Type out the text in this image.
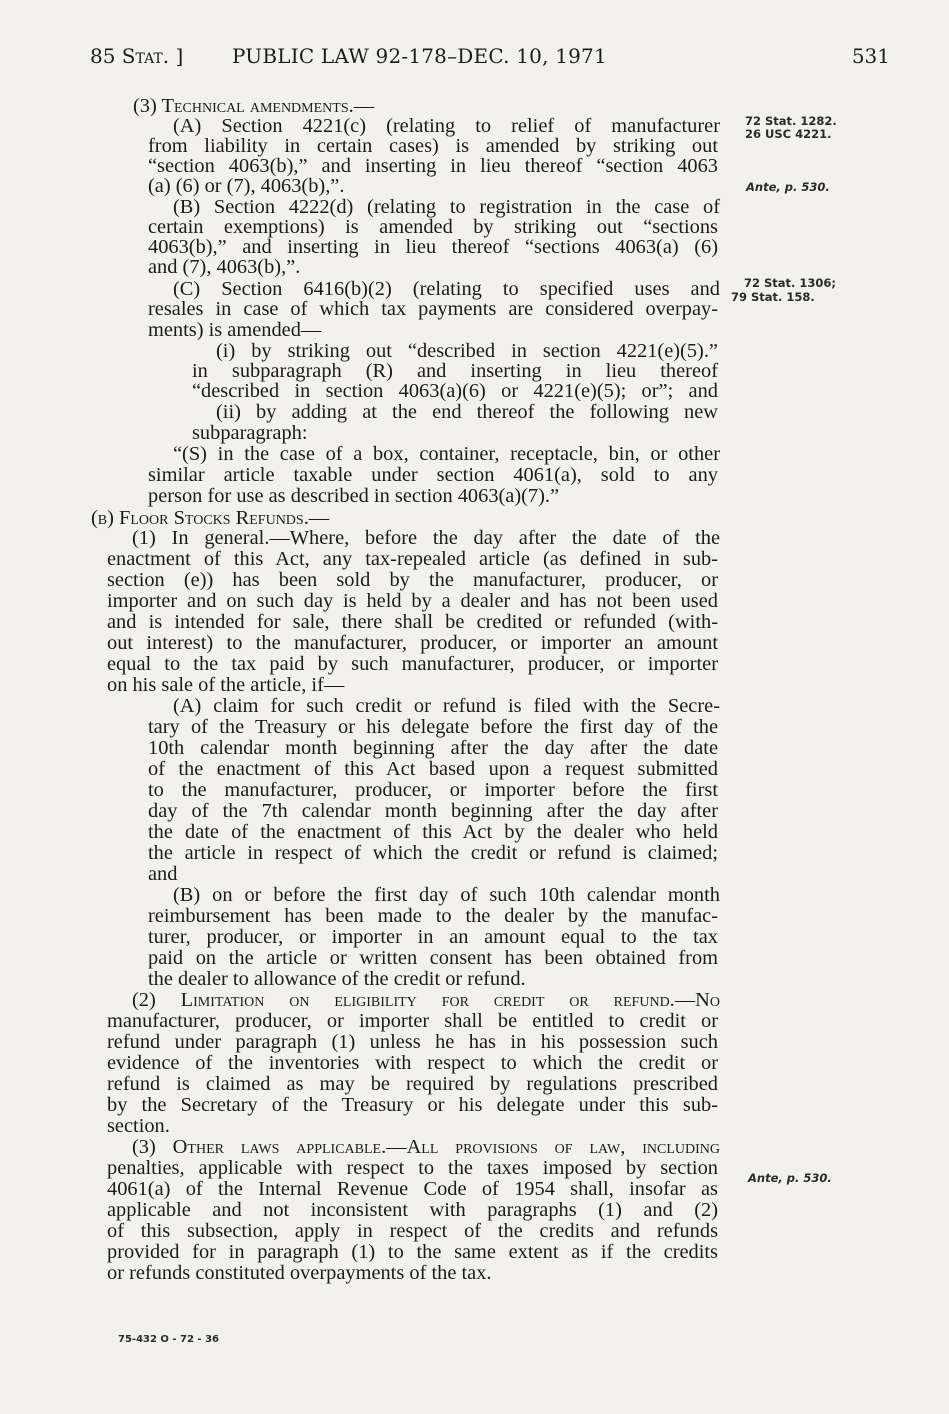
85 Stat. ] PUBLIC LAW 92-178–DEC. 10, 1971	531
72 Stat. 1282.
26 USC 4221.
Ante, p. 530.
72 Stat. 1306;
79 Stat. 158.
Ante, p. 530.
(3) Technical amendments.—
(A) Section 4221(c) (relating to relief of manufacturer
from liability in certain cases) is amended by striking out
“section 4063(b),” and inserting in lieu thereof “section 4063
(a) (6) or (7), 4063(b),”.
(B) Section 4222(d) (relating to registration in the case of
certain exemptions) is amended by striking out “sections
4063(b),” and inserting in lieu thereof “sections 4063(a) (6)
and (7), 4063(b),”.
(C) Section 6416(b)(2) (relating to specified uses and
resales in case of which tax payments are considered overpay-
ments) is amended—
(i) by striking out “described in section 4221(e)(5).”
in subparagraph (R) and inserting in lieu thereof
“described in section 4063(a)(6) or 4221(e)(5); or”; and
(ii) by adding at the end thereof the following new
subparagraph:
“(S) in the case of a box, container, receptacle, bin, or other
similar article taxable under section 4061(a), sold to any
person for use as described in section 4063(a)(7).”
(b) Floor Stocks Refunds.—
(1) In general.—Where, before the day after the date of the
enactment of this Act, any tax-repealed article (as defined in sub-
section (e)) has been sold by the manufacturer, producer, or
importer and on such day is held by a dealer and has not been used
and is intended for sale, there shall be credited or refunded (with-
out interest) to the manufacturer, producer, or importer an amount
equal to the tax paid by such manufacturer, producer, or importer
on his sale of the article, if—
(A) claim for such credit or refund is filed with the Secre-
tary of the Treasury or his delegate before the first day of the
10th calendar month beginning after the day after the date
of the enactment of this Act based upon a request submitted
to the manufacturer, producer, or importer before the first
day of the 7th calendar month beginning after the day after
the date of the enactment of this Act by the dealer who held
the article in respect of which the credit or refund is claimed;
and
(B) on or before the first day of such 10th calendar month
reimbursement has been made to the dealer by the manufac-
turer, producer, or importer in an amount equal to the tax
paid on the article or written consent has been obtained from
the dealer to allowance of the credit or refund.
(2) Limitation on eligibility for credit or refund.—No
manufacturer, producer, or importer shall be entitled to credit or
refund under paragraph (1) unless he has in his possession such
evidence of the inventories with respect to which the credit or
refund is claimed as may be required by regulations prescribed
by the Secretary of the Treasury or his delegate under this sub-
section.
(3) Other laws applicable.—All provisions of law, including
penalties, applicable with respect to the taxes imposed by section
4061(a) of the Internal Revenue Code of 1954 shall, insofar as
applicable and not inconsistent with paragraphs (1) and (2)
of this subsection, apply in respect of the credits and refunds
provided for in paragraph (1) to the same extent as if the credits
or refunds constituted overpayments of the tax.
75-432 O - 72 - 36
